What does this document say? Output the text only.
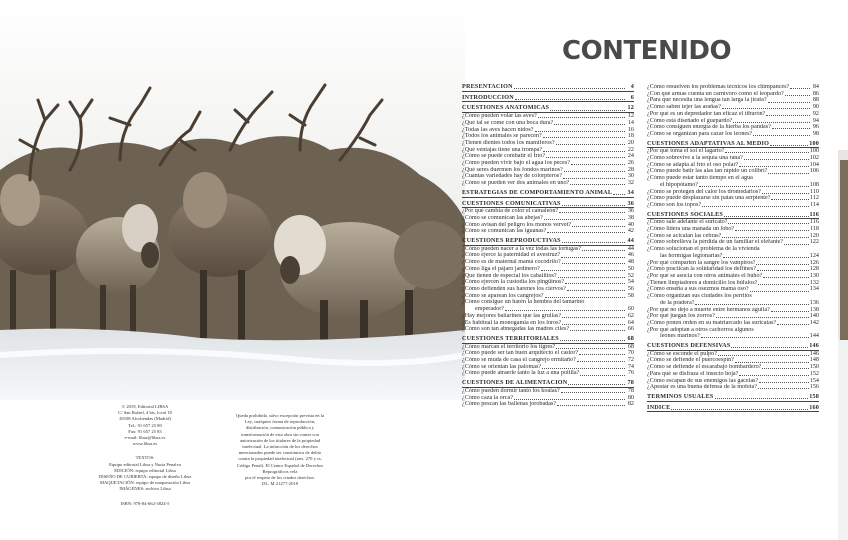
© 2019, Editorial LIBSA
C/ San Rafael, 4 bis, local 18
28108 Alcobendas (Madrid)
Tel.: 91 657 25 80
Fax: 91 657 25 83
e-mail: libsa@libsa.es
www.libsa.es
TEXTOS:
Equipo editorial Libsa y Nuria Penalva
EDICIÓN: equipo editorial Libsa
DISEÑO DE CUBIERTA: equipo de diseño Libsa
MAQUETACIÓN: equipo de maquetación Libsa
IMÁGENES: archivo Libsa
ISBN: 978-84-662-3824-5
Queda prohibida, salvo excepción prevista en la
Ley, cualquier forma de reproducción,
distribución, comunicación pública y
transformación de esta obra sin contar con
autorización de los titulares de la propiedad
intelectual. La infracción de los derechos
mencionados puede ser constitutiva de delito
contra la propiedad intelectual (arts. 270 y ss.
Código Penal). El Centro Español de Derechos
Reprográficos vela
por el respeto de los citados derechos.
DL: M 21277-2018
CONTENIDO
PRESENTACIÓN	4
INTRODUCCIÓN	6
CUESTIONES ANATÓMICAS	12
¿Cómo pueden volar las aves?	12
¿Qué tal se come con una boca dura?	14
¿Todas las aves hacen nidos?	16
¿Todos los animales se parecen?	18
¿Tienen dientes todos los mamíferos?	20
¿Qué ventajas tiene una trompa?	22
¿Cómo se puede combatir el frío?	24
¿Cómo pueden vivir bajo el agua los peces?	26
¿Qué seres duermen los fondos marinos?	28
¿Cuántas variedades hay de colorpteros?	30
¿Cómo se pueden ver dos animales en uno?	32
ESTRATEGIAS DE COMPORTAMIENTO ANIMAL 34
CUESTIONES COMUNICATIVAS	36
¿Por qué cambia de color el camaleón?	36
¿Cómo se comunican las abejas?	38
¿Cómo avisan del peligro los monos vervet?	40
¿Cómo se comunican las iguanas?	42
CUESTIONES REPRODUCTIVAS	44
¿Cómo pueden nacer a la vez todas las tortugas?	44
¿Cómo ejerce la paternidad el avestruz?	46
¿Cómo es de maternal mamá cocodrilo?	48
¿Cómo liga el pájaro jardinero?	50
¿Qué tienen de especial los caballitos?	52
¿Cómo ejercen la custodia los pingüinos?	54
¿Cómo defienden sus harenes los ciervos?	56
¿Cómo se aparean los cangrejos?	58
¿Cómo consigue un harén la hembra del tamarino
emperador?	60
¿Hay mejores bailarines que las grullas?	62
¿Es habitual la monogamia en los loros?	64
¿Cómo son tan abnegadas las madres ciles?	66
CUESTIONES TERRITORIALES	68
¿Cómo marcan el territorio los tigres?	68
¿Cómo puede ser tan buen arquitecto el castor?	70
¿Cómo se muda de casa el cangrejo ermitaño?	72
¿Cómo se orientan las palomas?	74
¿Cómo puede atraerle tanto la luz a una polilla?	76
CUESTIONES DE ALIMENTACIÓN	78
¿Cómo pueden dormir tanto los koalas?	78
¿Cómo caza la orca?	80
¿Cómo pescan las ballenas jorobadas?	82
¿Cómo resuelven los problemas técnicos los chimpancés?	84
¿Con qué armas cuenta un carnívoro como el leopardo?	86
¿Para qué necesita una lengua tan larga la jirafa?	88
¿Cómo saben tejer las arañas?	90
¿Por qué es un depredador tan eficaz el tiburón?	92
¿Cómo está diseñado el guepardo?	94
¿Cómo consiguen energía de la hierba los pandas?	96
¿Cómo se organizan para cazar los leones?	98
CUESTIONES ADAPTATIVAS AL MEDIO	100
¿Por qué toma el sol el lagarto?	100
¿Cómo sobrevive a la sequía una rana?	102
¿Cómo se adapta al frío el oso polar?	104
¿Cómo puede batir las alas tan rápido un colibrí?	106
¿Cómo puede estar tanto tiempo en el agua
el hipopótamo?	108
¿Cómo se protegen del calor los dromedarios?	110
¿Cómo puede desplazarse sin patas una serpiente?	112
¿Cómo son los topos?	114
CUESTIONES SOCIALES	116
¿Cómo sale adelante el suricato?	116
¿Cómo lidera una manada un lobo?	118
¿Cómo se acicalan las cebras?	120
¿Cómo sobrelleva la pérdida de un familiar el elefante?	122
¿Cómo solucionan el problema de la vivienda
las hormigas legionarias?	124
¿Por qué comparten la sangre los vampiros?	126
¿Cómo practican la solidaridad los delfines?	128
¿Por qué se asocia con otros animales el búho?	130
¿Tienen limpiadores a domicilio los búfalos?	132
¿Cómo enseña a sus osezmos mamá oso?	134
¿Cómo organizan sus ciudades los perritos
de la pradera?	136
¿Por qué no dejo a muerte entre hermanos águila?	138
¿Por qué juegan los zorros?	140
¿Cómo ponen orden en su matriarcado las suricatas?	142
¿Por qué adoptan a otros cachorros algunos
leones marinos?	144
CUESTIONES DEFENSIVAS	146
¿Cómo se esconde el pulpo?	146
¿Cómo se defiende el puercoespín?	148
¿Cómo se defiende el escarabajo bombardero?	150
¿Para qué se disfraza el insecto hoja?	152
¿Cómo escapan de sus enemigos las gacelas?	154
¿Apestar es una buena defensa de la mofeta?	156
TÉRMINOS USUALES	158
ÍNDICE	160
